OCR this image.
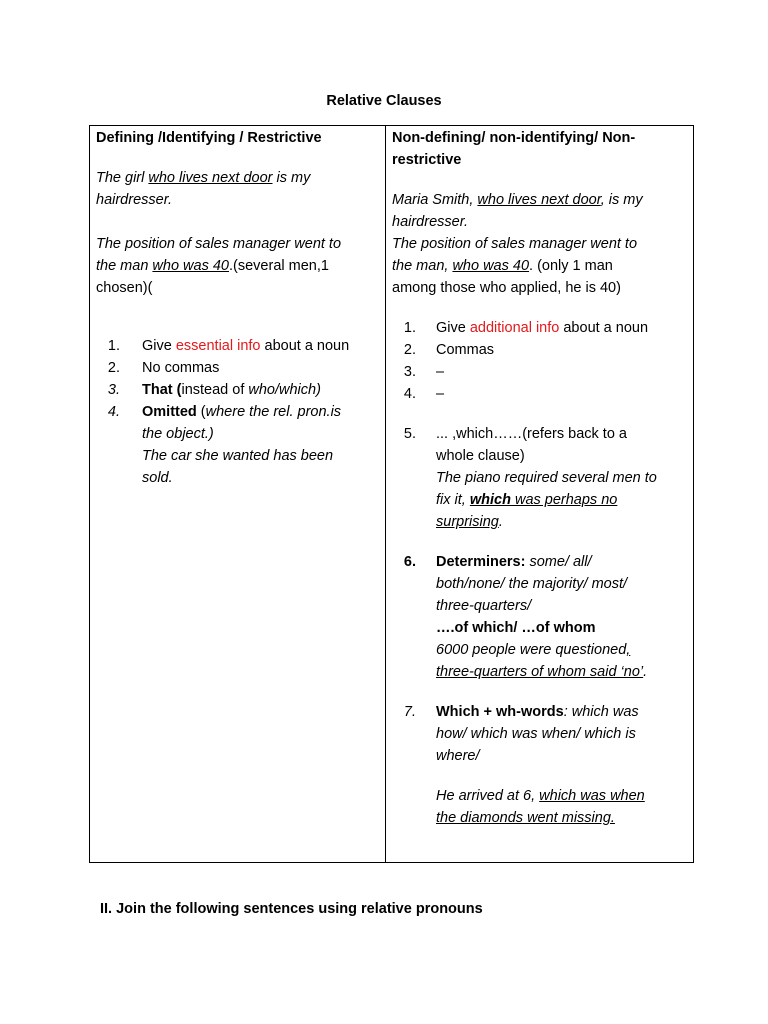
Relative Clauses
Defining /Identifying / Restrictive
The girl who lives next door is my
hairdresser.
The position of sales manager went to
the man who was 40.(several men,1
chosen)(
1. Give essential info about a noun
2. No commas
3. That (instead of who/which)
4. Omitted (where the rel. pron.is
the object.)
The car she wanted has been
sold.

Non-defining/ non-identifying/ Non-
restrictive
Maria Smith, who lives next door, is my
hairdresser.
The position of sales manager went to
the man, who was 40. (only 1 man
among those who applied, he is 40)
1. Give additional info about a noun
2. Commas
3. –
4. –
5. ... ,which……(refers back to a
whole clause)
The piano required several men to
fix it, which was perhaps no
surprising.
6. Determiners: some/ all/
both/none/ the majority/ most/
three-quarters/
….of which/ …of whom
6000 people were questioned,
three-quarters of whom said ‘no’.
7. Which + wh-words: which was
how/ which was when/ which is
where/
He arrived at 6, which was when
the diamonds went missing.
II. Join the following sentences using relative pronouns
